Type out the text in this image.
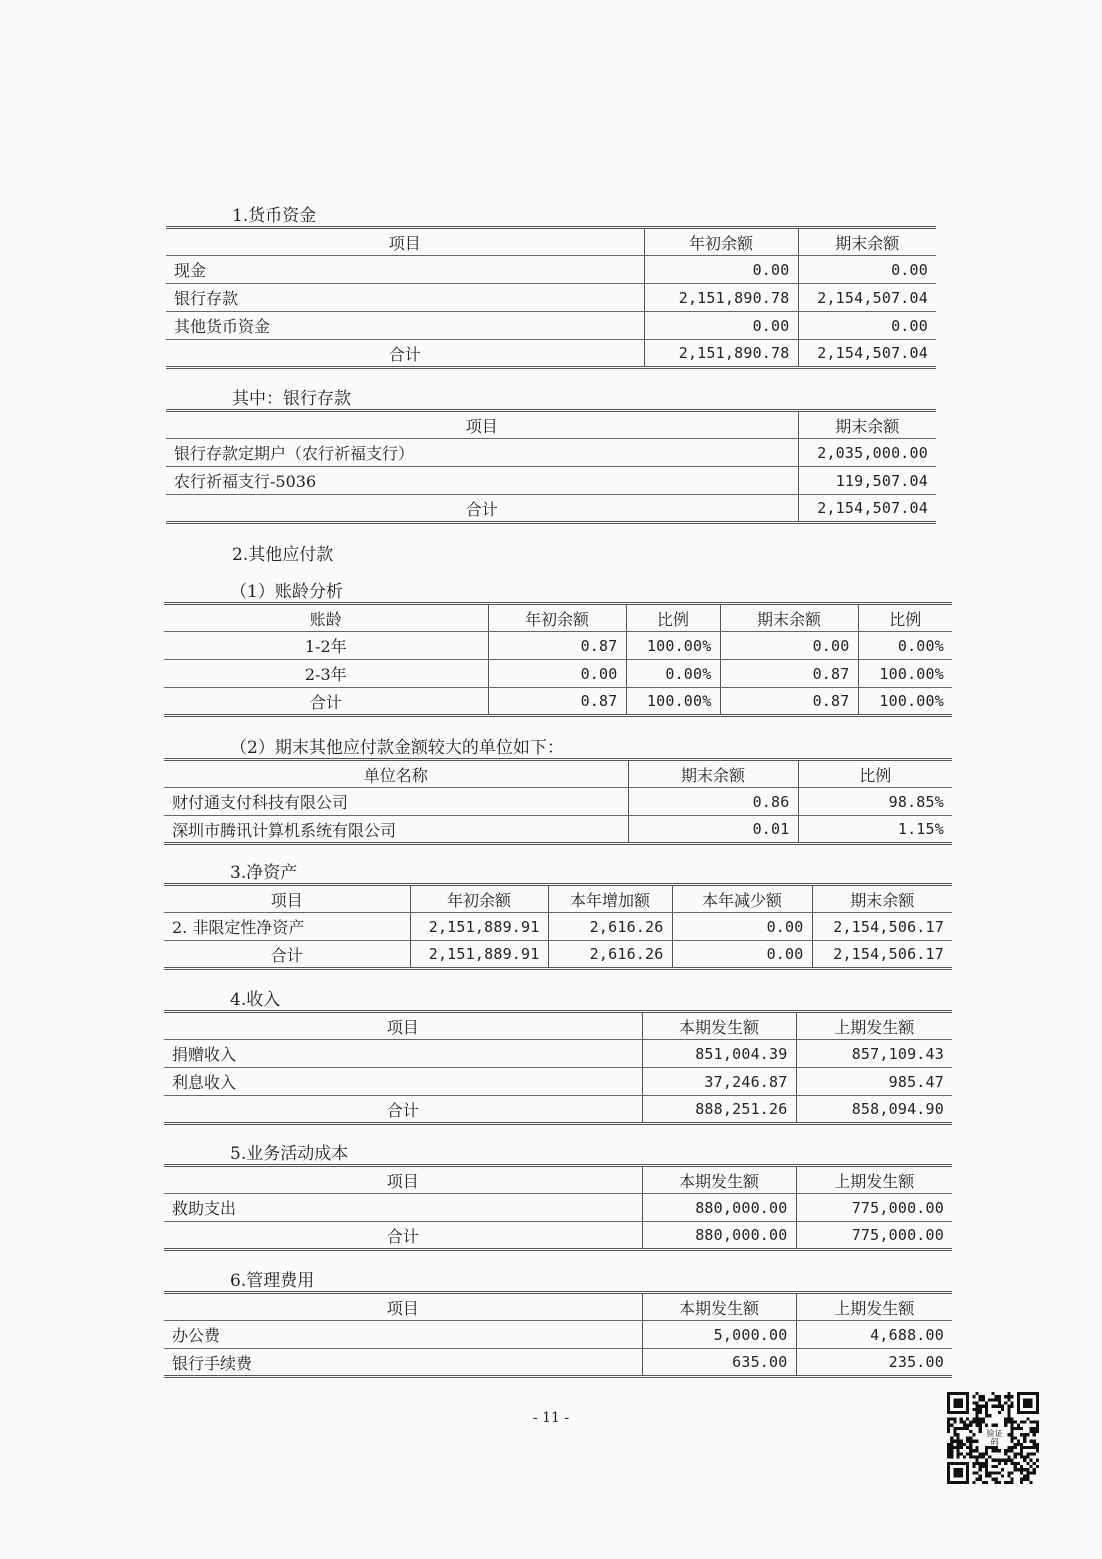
1.货币资金
项目	年初余额	期末余额
现金	0.00	0.00
银行存款	2,151,890.78	2,154,507.04
其他货币资金	0.00	0.00
合计	2,151,890.78	2,154,507.04
其中：银行存款
项目	期末余额
银行存款定期户（农行祈福支行）	2,035,000.00
农行祈福支行-5036	119,507.04
合计	2,154,507.04
2.其他应付款
（1）账龄分析
账龄	年初余额	比例	期末余额	比例
1-2年	0.87	100.00%	0.00	0.00%
2-3年	0.00	0.00%	0.87	100.00%
合计	0.87	100.00%	0.87	100.00%
（2）期末其他应付款金额较大的单位如下：
单位名称	期末余额	比例
财付通支付科技有限公司	0.86	98.85%
深圳市腾讯计算机系统有限公司	0.01	1.15%
3.净资产
项目	年初余额	本年增加额	本年减少额	期末余额
2. 非限定性净资产	2,151,889.91	2,616.26	0.00	2,154,506.17
合计	2,151,889.91	2,616.26	0.00	2,154,506.17
4.收入
项目	本期发生额	上期发生额
捐赠收入	851,004.39	857,109.43
利息收入	37,246.87	985.47
合计	888,251.26	858,094.90
5.业务活动成本
项目	本期发生额	上期发生额
救助支出	880,000.00	775,000.00
合计	880,000.00	775,000.00
6.管理费用
项目	本期发生额	上期发生额
办公费	5,000.00	4,688.00
银行手续费	635.00	235.00
- 11 -
验证
码
